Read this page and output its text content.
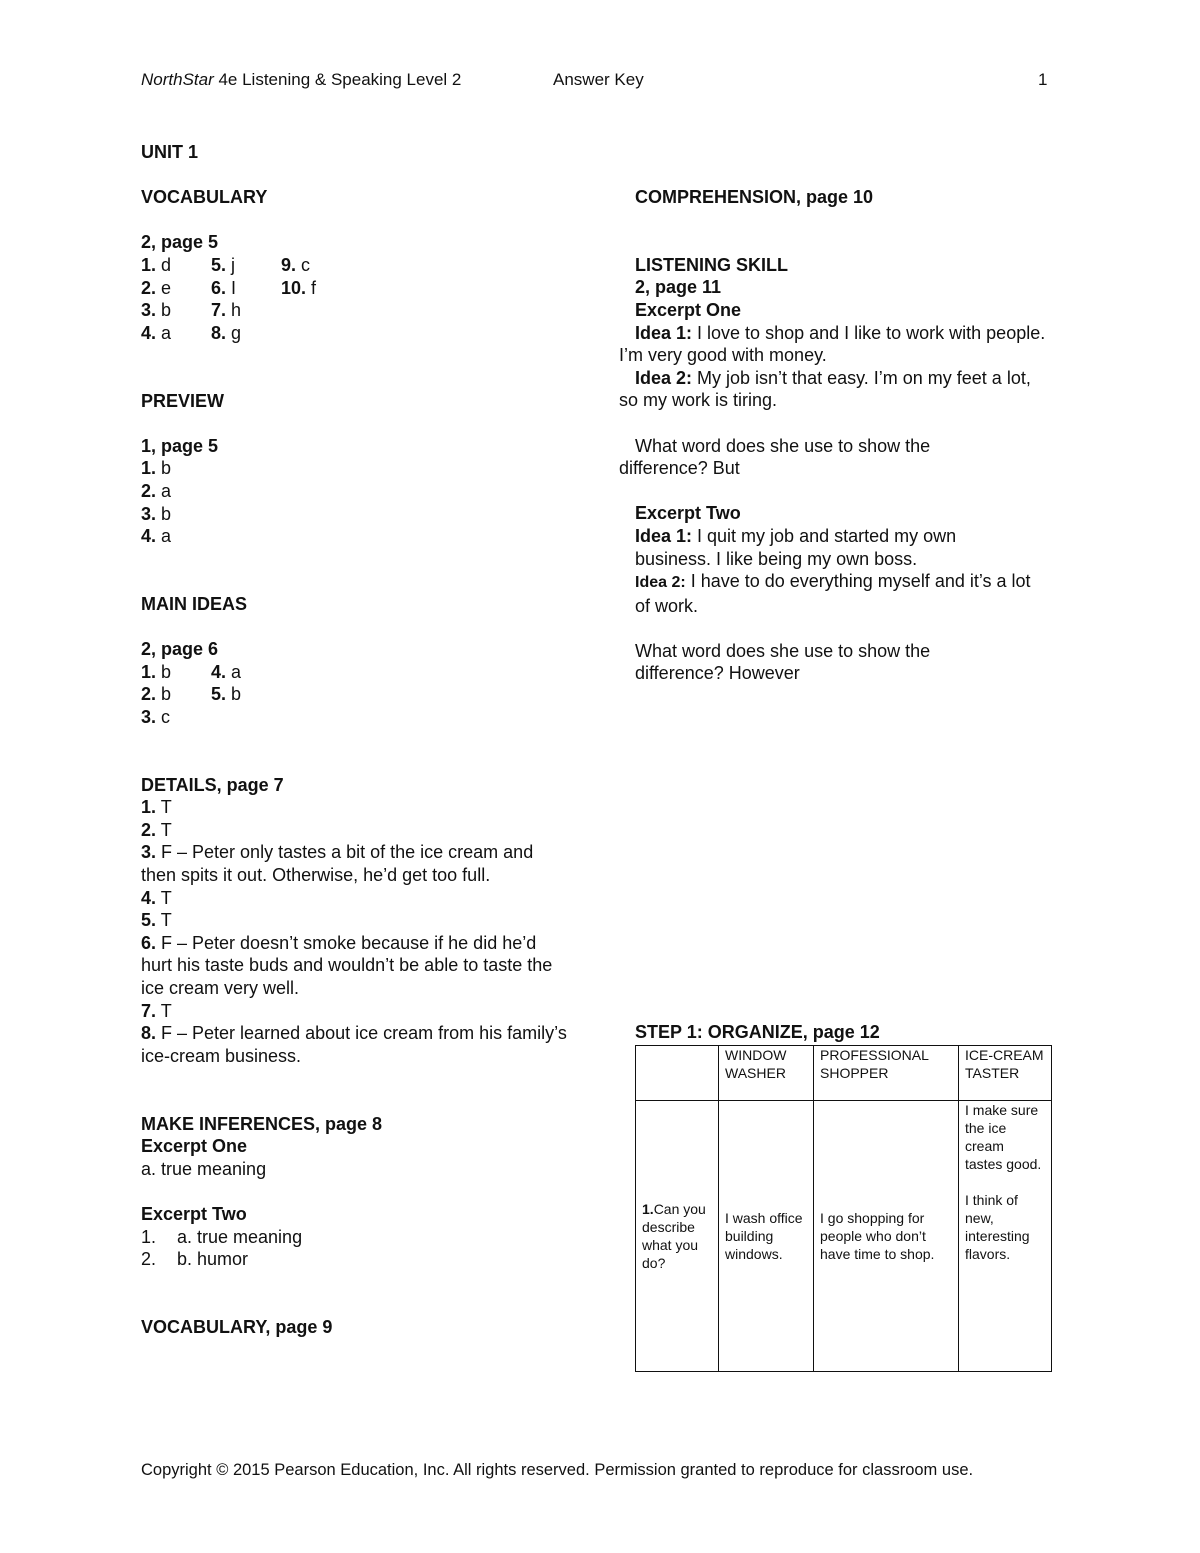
NorthStar 4e Listening & Speaking Level 2	Answer Key	1
UNIT 1
VOCABULARY
2, page 5
1. d 5. j	9. c
2. e 6. I 10. f
3. b 7. h
4. a 8. g
PREVIEW
1, page 5
1. b
2. a
3. b
4. a
MAIN IDEAS
2, page 6
1. b 4. a
2. b 5. b
3. c
DETAILS, page 7
1. T
2. T
3. F – Peter only tastes a bit of the ice cream and then spits it out. Otherwise, he’d get too full.
4. T
5. T
6. F – Peter doesn’t smoke because if he did he’d hurt his taste buds and wouldn’t be able to taste the ice cream very well.
7. T
8. F – Peter learned about ice cream from his family’s ice-cream business.
MAKE INFERENCES, page 8
Excerpt One
a. true meaning
Excerpt Two
1. a. true meaning
2. b. humor
VOCABULARY, page 9
COMPREHENSION, page 10
LISTENING SKILL
2, page 11
Excerpt One
Idea 1: I love to shop and I like to work with people. I’m very good with money.
Idea 2: My job isn’t that easy. I’m on my feet a lot, so my work is tiring.
What word does she use to show the difference? But
Excerpt Two
Idea 1: I quit my job and started my own business. I like being my own boss.
Idea 2: I have to do everything myself and it’s a lot of work.
What word does she use to show the difference? However
STEP 1: ORGANIZE, page 12
	WINDOW WASHER	PROFESSIONAL SHOPPER	ICE-CREAM TASTER
1.Can you describe what you do?	I wash office building windows.	I go shopping for people who don’t have time to shop.	I make sure the ice cream tastes good.
I think of new, interesting flavors.
Copyright © 2015 Pearson Education, Inc. All rights reserved. Permission granted to reproduce for classroom use.
